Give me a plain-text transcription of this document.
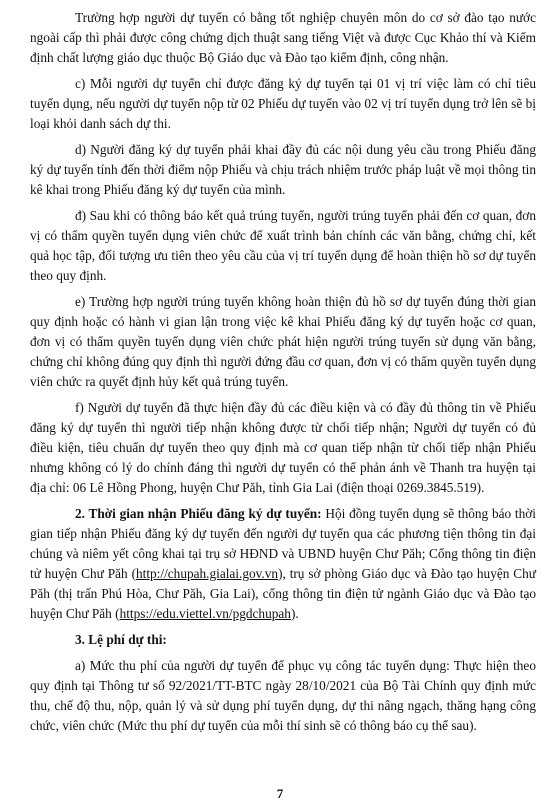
Trường hợp người dự tuyển có bằng tốt nghiệp chuyên môn do cơ sở đào tạo nước ngoài cấp thì phải được công chứng dịch thuật sang tiếng Việt và được Cục Khảo thí và Kiểm định chất lượng giáo dục thuộc Bộ Giáo dục và Đào tạo kiểm định, công nhận.

c) Mỗi người dự tuyển chỉ được đăng ký dự tuyển tại 01 vị trí việc làm có chỉ tiêu tuyển dụng, nếu người dự tuyển nộp từ 02 Phiếu dự tuyển vào 02 vị trí tuyển dụng trở lên sẽ bị loại khỏi danh sách dự thi.

d) Người đăng ký dự tuyển phải khai đầy đủ các nội dung yêu cầu trong Phiếu đăng ký dự tuyển tính đến thời điểm nộp Phiếu và chịu trách nhiệm trước pháp luật về mọi thông tin kê khai trong Phiếu đăng ký dự tuyển của mình.

đ) Sau khi có thông báo kết quả trúng tuyển, người trúng tuyển phải đến cơ quan, đơn vị có thẩm quyền tuyển dụng viên chức để xuất trình bản chính các văn bằng, chứng chỉ, kết quả học tập, đối tượng ưu tiên theo yêu cầu của vị trí tuyển dụng để hoàn thiện hồ sơ dự tuyển theo quy định.

e) Trường hợp người trúng tuyển không hoàn thiện đủ hồ sơ dự tuyển đúng thời gian quy định hoặc có hành vi gian lận trong việc kê khai Phiếu đăng ký dự tuyển hoặc cơ quan, đơn vị có thẩm quyền tuyển dụng viên chức phát hiện người trúng tuyển sử dụng văn bằng, chứng chỉ không đúng quy định thì người đứng đầu cơ quan, đơn vị có thẩm quyền tuyển dụng viên chức ra quyết định hủy kết quả trúng tuyển.

f) Người dự tuyển đã thực hiện đầy đủ các điều kiện và có đầy đủ thông tin về Phiếu đăng ký dự tuyển thì người tiếp nhận không được từ chối tiếp nhận; Người dự tuyển có đủ điều kiện, tiêu chuẩn dự tuyển theo quy định mà cơ quan tiếp nhận từ chối tiếp nhận Phiếu nhưng không có lý do chính đáng thì người dự tuyển có thể phản ánh về Thanh tra huyện tại địa chỉ: 06 Lê Hồng Phong, huyện Chư Păh, tỉnh Gia Lai (điện thoại 0269.3845.519).

2. Thời gian nhận Phiếu đăng ký dự tuyển: Hội đồng tuyển dụng sẽ thông báo thời gian tiếp nhận Phiếu đăng ký dự tuyển đến người dự tuyển qua các phương tiện thông tin đại chúng và niêm yết công khai tại trụ sở HĐND và UBND huyện Chư Păh; Cổng thông tin điện tử huyện Chư Păh (http://chupah.gialai.gov.vn), trụ sở phòng Giáo dục và Đào tạo huyện Chư Păh (thị trấn Phú Hòa, Chư Păh, Gia Lai), cổng thông tin điện tử ngành Giáo dục và Đào tạo huyện Chư Păh (https://edu.viettel.vn/pgdchupah).

3. Lệ phí dự thi:

a) Mức thu phí của người dự tuyển để phục vụ công tác tuyển dụng: Thực hiện theo quy định tại Thông tư số 92/2021/TT-BTC ngày 28/10/2021 của Bộ Tài Chính quy định mức thu, chế độ thu, nộp, quản lý và sử dụng phí tuyển dụng, dự thi nâng ngạch, thăng hạng công chức, viên chức (Mức thu phí dự tuyển của mỗi thí sinh sẽ có thông báo cụ thể sau).

7
